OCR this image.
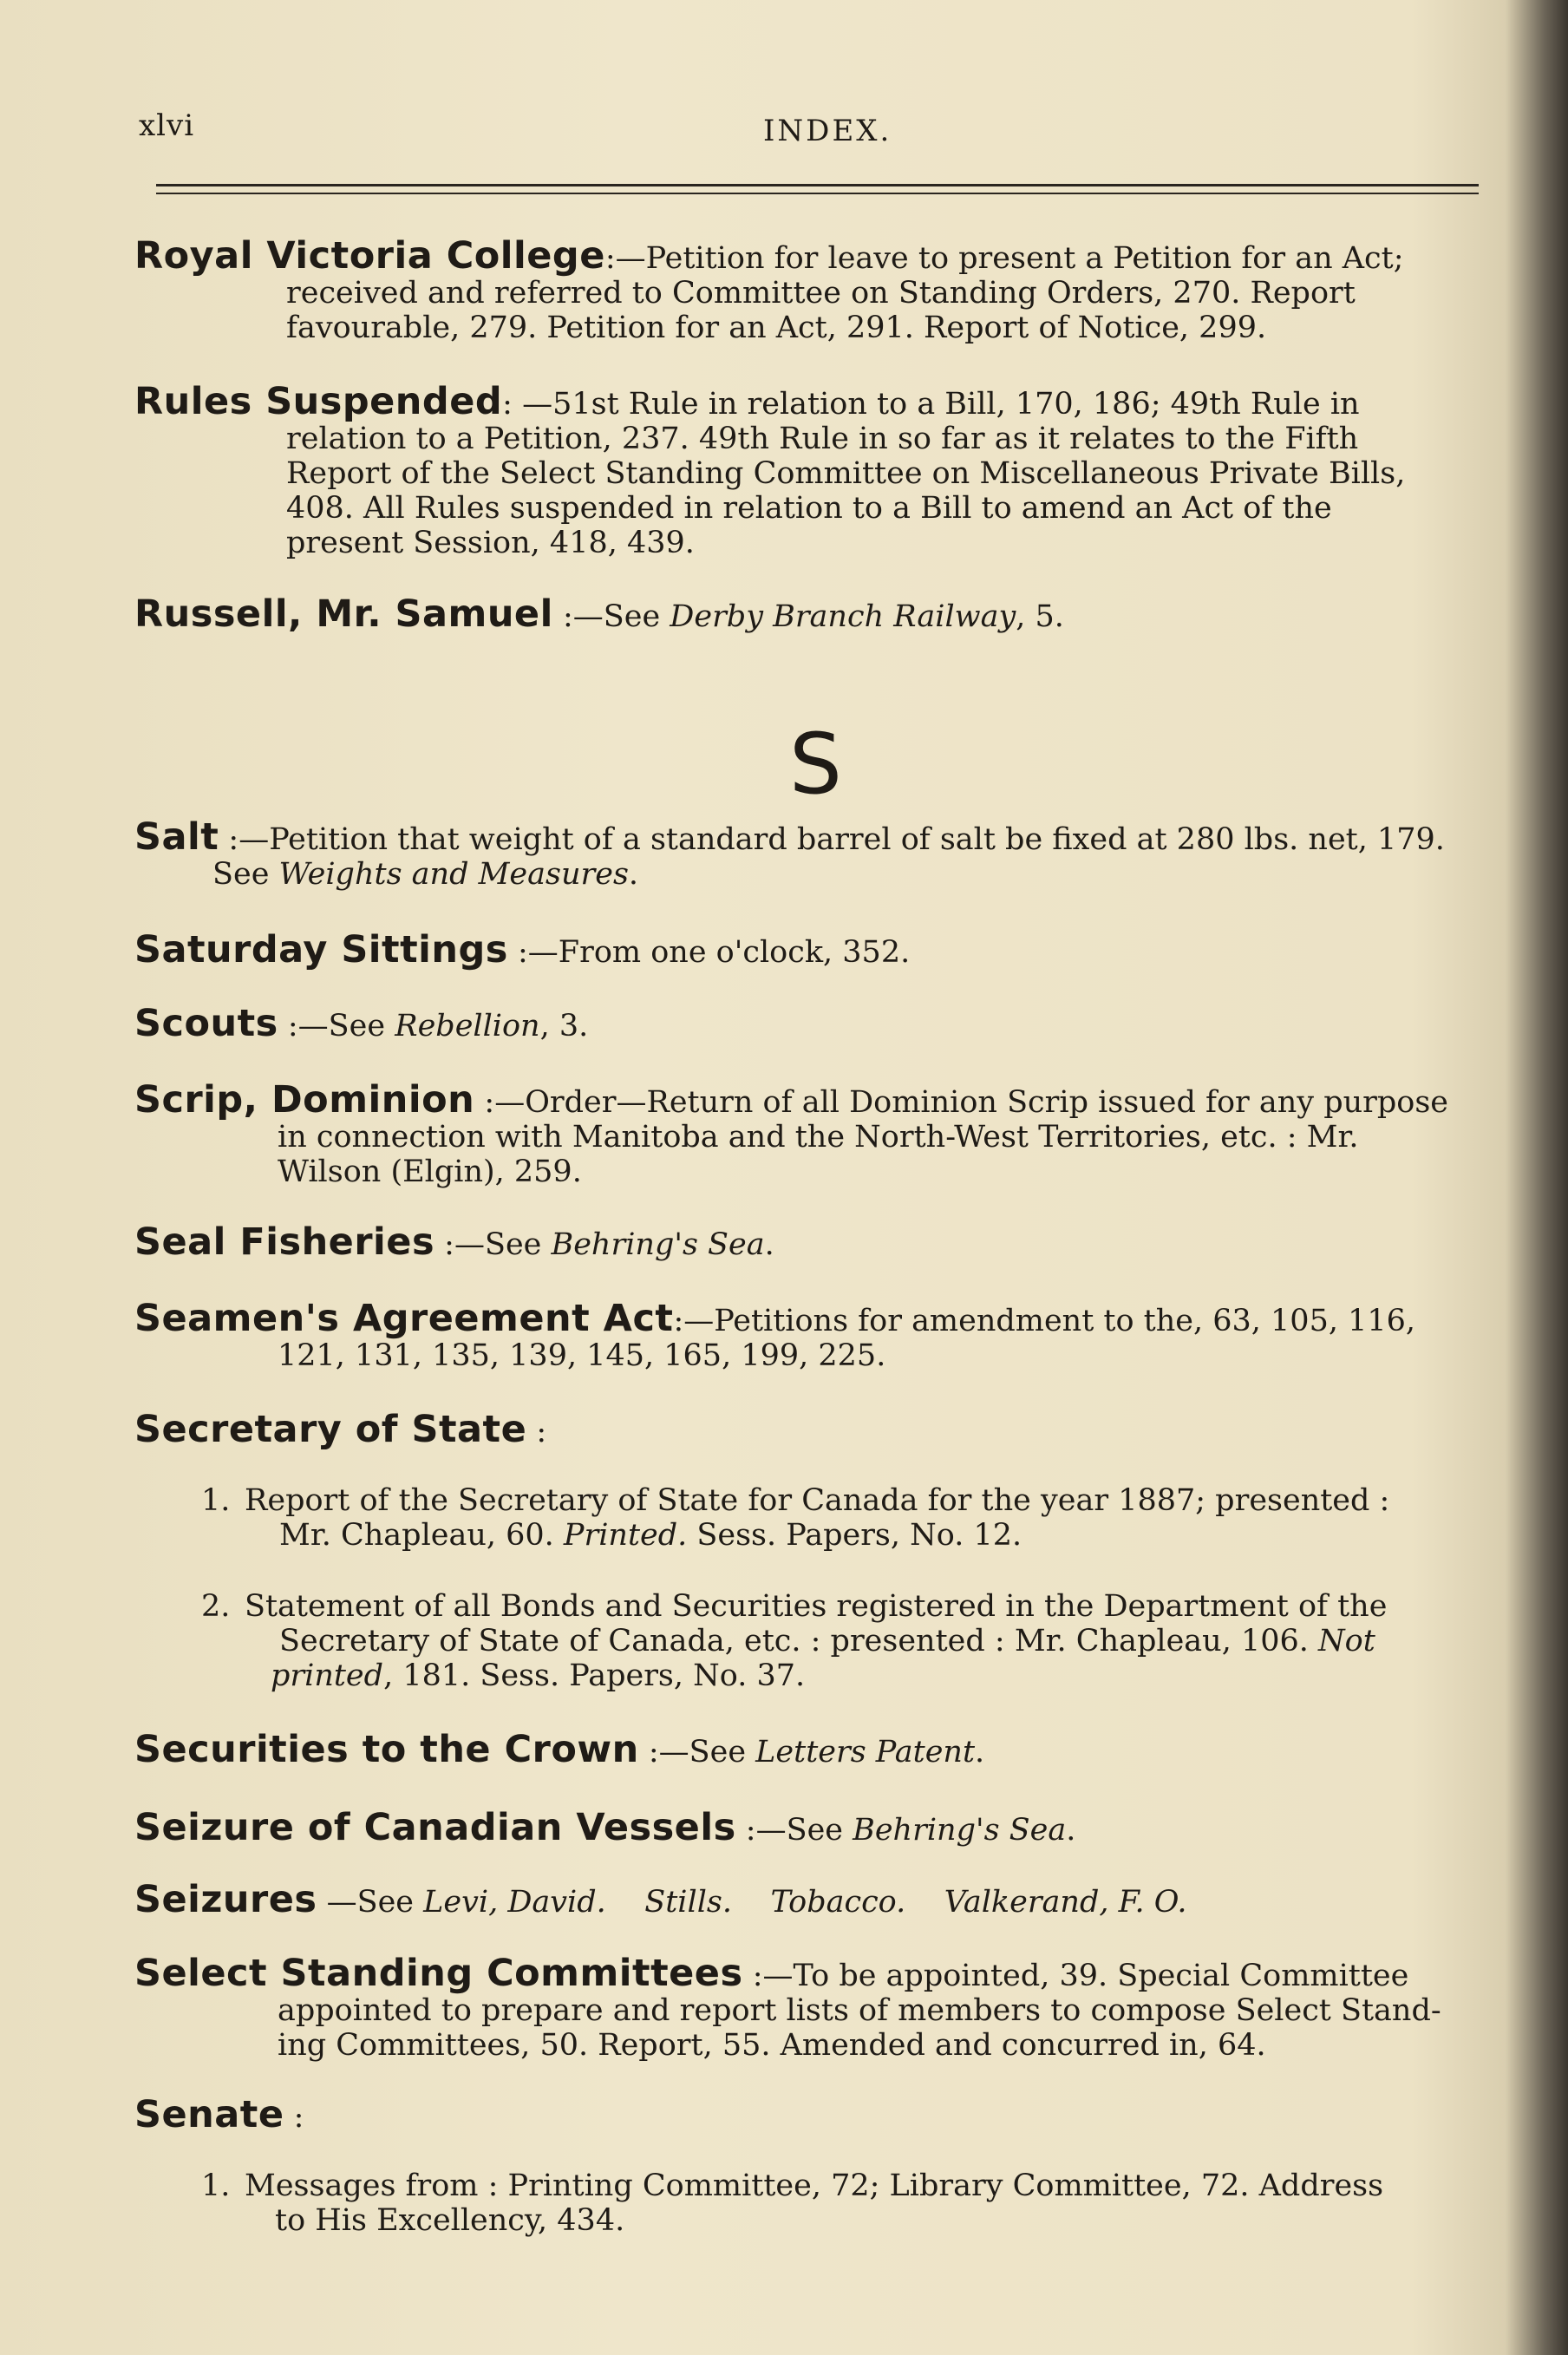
xlvi	INDEX.
Royal Victoria College:—Petition for leave to present a Petition for an Act;
received and referred to Committee on Standing Orders, 270. Report
favourable, 279. Petition for an Act, 291. Report of Notice, 299.
Rules Suspended: —51st Rule in relation to a Bill, 170, 186; 49th Rule in
relation to a Petition, 237. 49th Rule in so far as it relates to the Fifth
Report of the Select Standing Committee on Miscellaneous Private Bills,
408. All Rules suspended in relation to a Bill to amend an Act of the
present Session, 418, 439.
Russell, Mr. Samuel :—See Derby Branch Railway, 5.
S
Salt :—Petition that weight of a standard barrel of salt be fixed at 280 lbs. net, 179.
See Weights and Measures.
Saturday Sittings :—From one o'clock, 352.
Scouts :—See Rebellion, 3.
Scrip, Dominion :—Order—Return of all Dominion Scrip issued for any purpose
in connection with Manitoba and the North-West Territories, etc. : Mr.
Wilson (Elgin), 259.
Seal Fisheries :—See Behring's Sea.
Seamen's Agreement Act:—Petitions for amendment to the, 63, 105, 116,
121, 131, 135, 139, 145, 165, 199, 225.
Secretary of State :
1. Report of the Secretary of State for Canada for the year 1887; presented :
Mr. Chapleau, 60. Printed. Sess. Papers, No. 12.
2. Statement of all Bonds and Securities registered in the Department of the
Secretary of State of Canada, etc. : presented : Mr. Chapleau, 106. Not
printed, 181. Sess. Papers, No. 37.
Securities to the Crown :—See Letters Patent.
Seizure of Canadian Vessels :—See Behring's Sea.
Seizures —See Levi, David. Stills. Tobacco. Valkerand, F. O.
Select Standing Committees :—To be appointed, 39. Special Committee
appointed to prepare and report lists of members to compose Select Stand-
ing Committees, 50. Report, 55. Amended and concurred in, 64.
Senate :
1. Messages from : Printing Committee, 72; Library Committee, 72. Address
to His Excellency, 434.
